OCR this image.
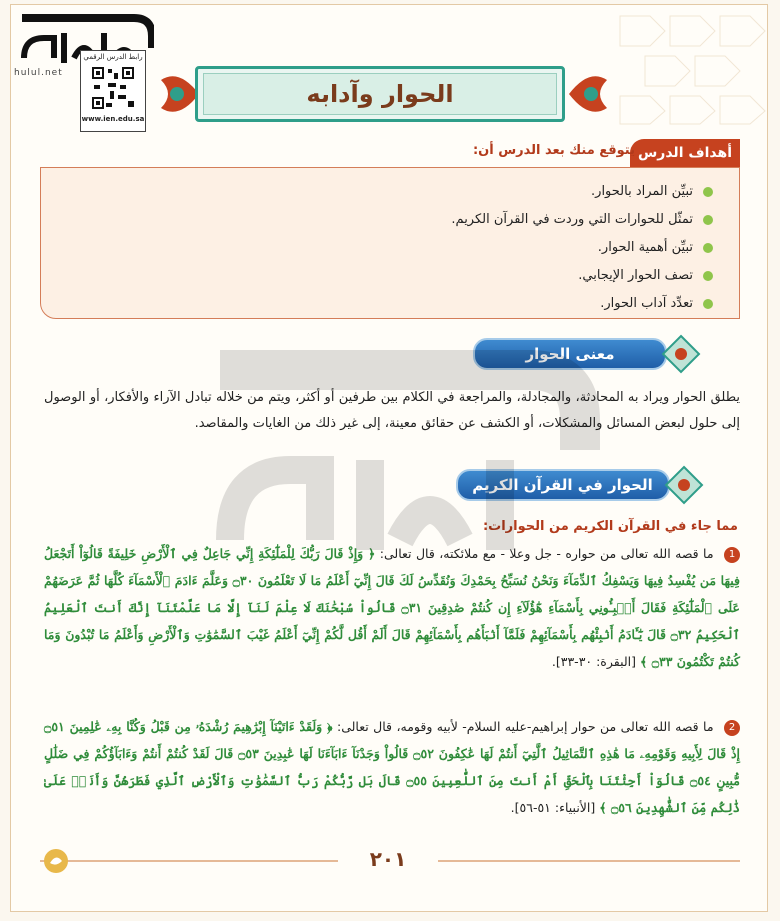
hulul.net
رابط الدرس الرقمي
www.ien.edu.sa
الحوار وآدابه
أهداف الدرس
يتوقع منك بعد الدرس أن:
تبيِّن المراد بالحوار.
تمثّل للحوارات التي وردت في القرآن الكريم.
تبيِّن أهمية الحوار.
تصف الحوار الإيجابي.
تعدِّد آداب الحوار.
معنى الحوار
يطلق الحوار ويراد به المحادثة، والمجادلة، والمراجعة في الكلام بين طرفين أو أكثر، ويتم من خلاله تبادل الآراء والأفكار، أو الوصول إلى حلول لبعض المسائل والمشكلات، أو الكشف عن حقائق معينة، إلى غير ذلك من الغايات والمقاصد.
الحوار في القرآن الكريم
مما جاء في القرآن الكريم من الحوارات:
1 ما قصه الله تعالى من حواره - جل وعلا - مع ملائكته، قال تعالى: ﴿ وَإِذْ قَالَ رَبُّكَ لِلْمَلَٰٓئِكَةِ إِنِّي جَاعِلٌ فِي ٱلْأَرْضِ خَلِيفَةً قَالُوٓاْ أَتَجْعَلُ فِيهَا مَن يُفْسِدُ فِيهَا وَيَسْفِكُ ٱلدِّمَآءَ وَنَحْنُ نُسَبِّحُ بِحَمْدِكَ وَنُقَدِّسُ لَكَ قَالَ إِنِّيٓ أَعْلَمُ مَا لَا تَعْلَمُونَ ۝٣٠ وَعَلَّمَ ءَادَمَ ٱلْأَسْمَآءَ كُلَّهَا ثُمَّ عَرَضَهُمْ عَلَى ٱلْمَلَٰٓئِكَةِ فَقَالَ أَنۢبِـُٔونِي بِأَسْمَآءِ هَٰٓؤُلَآءِ إِن كُنتُمْ صَٰدِقِينَ ۝٣١ قَالُواْ سُبْحَٰنَكَ لَا عِلْمَ لَنَآ إِلَّا مَا عَلَّمْتَنَآ إِنَّكَ أَنتَ ٱلْعَلِيمُ ٱلْحَكِيمُ ۝٣٢ قَالَ يَٰٓـَٔادَمُ أَنۢبِئْهُم بِأَسْمَآئِهِمْ فَلَمَّآ أَنۢبَأَهُم بِأَسْمَآئِهِمْ قَالَ أَلَمْ أَقُل لَّكُمْ إِنِّيٓ أَعْلَمُ غَيْبَ ٱلسَّمَٰوَٰتِ وَٱلْأَرْضِ وَأَعْلَمُ مَا تُبْدُونَ وَمَا كُنتُمْ تَكْتُمُونَ ۝٣٣ ﴾ [البقرة: ٣٠-٣٣].
2 ما قصه الله تعالى من حوار إبراهيم-عليه السلام- لأبيه وقومه، قال تعالى: ﴿ وَلَقَدْ ءَاتَيْنَآ إِبْرَٰهِيمَ رُشْدَهُۥ مِن قَبْلُ وَكُنَّا بِهِۦ عَٰلِمِينَ ۝٥١ إِذْ قَالَ لِأَبِيهِ وَقَوْمِهِۦ مَا هَٰذِهِ ٱلتَّمَاثِيلُ ٱلَّتِيٓ أَنتُمْ لَهَا عَٰكِفُونَ ۝٥٢ قَالُواْ وَجَدْنَآ ءَابَآءَنَا لَهَا عَٰبِدِينَ ۝٥٣ قَالَ لَقَدْ كُنتُمْ أَنتُمْ وَءَابَآؤُكُمْ فِي ضَلَٰلٍ مُّبِينٍ ۝٥٤ قَالُوٓاْ أَجِئْتَنَا بِٱلْحَقِّ أَمْ أَنتَ مِنَ ٱللَّٰعِبِينَ ۝٥٥ قَالَ بَل رَّبُّكُمْ رَبُّ ٱلسَّمَٰوَٰتِ وَٱلْأَرْضِ ٱلَّذِي فَطَرَهُنَّ وَأَنَا۠ عَلَىٰ ذَٰلِكُم مِّنَ ٱلشَّٰهِدِينَ ۝٥٦ ﴾ [الأنبياء: ٥١-٥٦].
٢٠١
